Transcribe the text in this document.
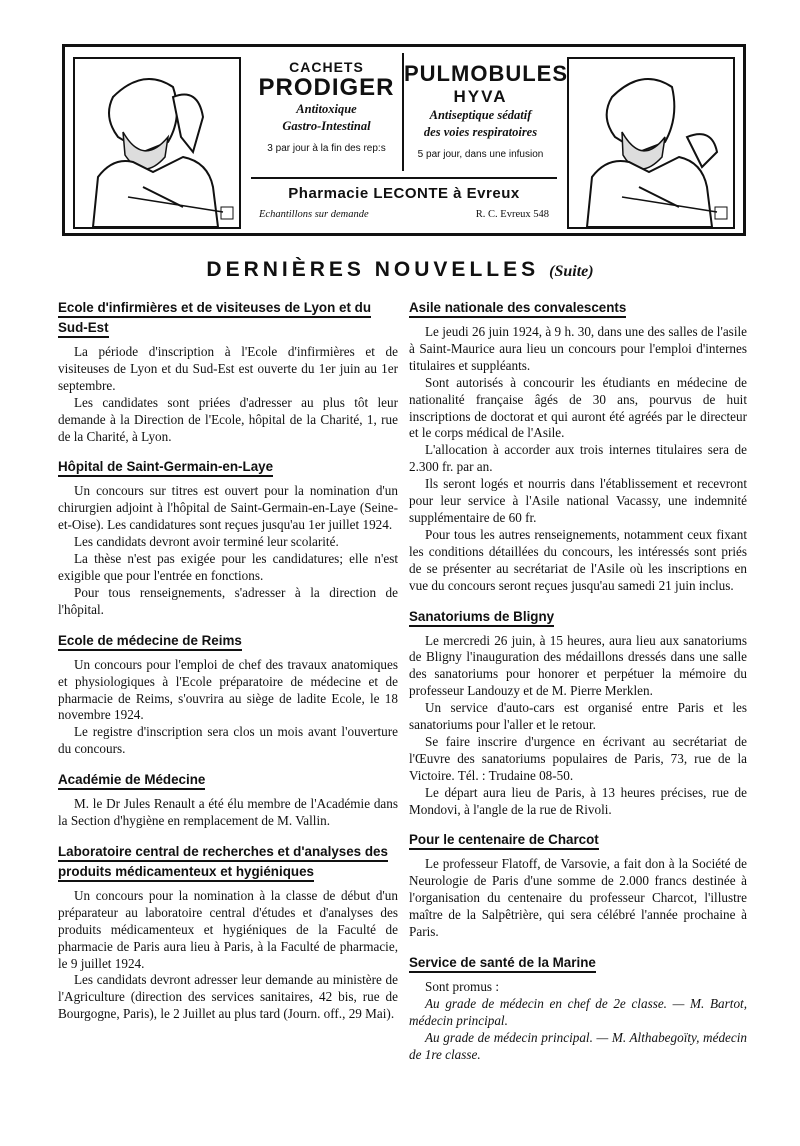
CACHETS
PRODIGER
Antitoxique
Gastro-Intestinal
3 par jour à la fin des rep:s
PULMOBULES
HYVA
Antiseptique sédatif
des voies respiratoires
5 par jour, dans une infusion
Pharmacie LECONTE à Evreux
Echantillons sur demande	R. C. Evreux 548
DERNIÈRES NOUVELLES (Suite)
Ecole d'infirmières et de visiteuses de Lyon et du Sud-Est

La période d'inscription à l'Ecole d'infirmières et de visiteuses de Lyon et du Sud-Est est ouverte du 1er juin au 1er septembre.

Les candidates sont priées d'adresser au plus tôt leur demande à la Direction de l'Ecole, hôpital de la Charité, 1, rue de la Charité, à Lyon.

Hôpital de Saint-Germain-en-Laye

Un concours sur titres est ouvert pour la nomination d'un chirurgien adjoint à l'hôpital de Saint-Germain-en-Laye (Seine-et-Oise). Les candidatures sont reçues jusqu'au 1er juillet 1924.

Les candidats devront avoir terminé leur scolarité.

La thèse n'est pas exigée pour les candidatures; elle n'est exigible que pour l'entrée en fonctions.

Pour tous renseignements, s'adresser à la direction de l'hôpital.

Ecole de médecine de Reims

Un concours pour l'emploi de chef des travaux anatomiques et physiologiques à l'Ecole préparatoire de médecine et de pharmacie de Reims, s'ouvrira au siège de ladite Ecole, le 18 novembre 1924.

Le registre d'inscription sera clos un mois avant l'ouverture du concours.

Académie de Médecine

M. le Dr Jules Renault a été élu membre de l'Académie dans la Section d'hygiène en remplacement de M. Vallin.

Laboratoire central de recherches et d'analyses des produits médicamenteux et hygiéniques

Un concours pour la nomination à la classe de début d'un préparateur au laboratoire central d'études et d'analyses des produits médicamenteux et hygiéniques de la Faculté de pharmacie de Paris aura lieu à Paris, à la Faculté de pharmacie, le 9 juillet 1924.

Les candidats devront adresser leur demande au ministère de l'Agriculture (direction des services sanitaires, 42 bis, rue de Bourgogne, Paris), le 2 Juillet au plus tard (Journ. off., 29 Mai).

Asile nationale des convalescents

Le jeudi 26 juin 1924, à 9 h. 30, dans une des salles de l'asile à Saint-Maurice aura lieu un concours pour l'emploi d'internes titulaires et suppléants.

Sont autorisés à concourir les étudiants en médecine de nationalité française âgés de 30 ans, pourvus de huit inscriptions de doctorat et qui auront été agréés par le directeur et le corps médical de l'Asile.

L'allocation à accorder aux trois internes titulaires sera de 2.300 fr. par an.

Ils seront logés et nourris dans l'établissement et recevront pour leur service à l'Asile national Vacassy, une indemnité supplémentaire de 60 fr.

Pour tous les autres renseignements, notamment ceux fixant les conditions détaillées du concours, les intéressés sont priés de se présenter au secrétariat de l'Asile où les inscriptions en vue du concours seront reçues jusqu'au samedi 21 juin inclus.

Sanatoriums de Bligny

Le mercredi 26 juin, à 15 heures, aura lieu aux sanatoriums de Bligny l'inauguration des médaillons dressés dans une salle des sanatoriums pour honorer et perpétuer la mémoire du professeur Landouzy et de M. Pierre Merklen.

Un service d'auto-cars est organisé entre Paris et les sanatoriums pour l'aller et le retour.

Se faire inscrire d'urgence en écrivant au secrétariat de l'Œuvre des sanatoriums populaires de Paris, 73, rue de la Victoire. Tél. : Trudaine 08-50.

Le départ aura lieu de Paris, à 13 heures précises, rue de Mondovi, à l'angle de la rue de Rivoli.

Pour le centenaire de Charcot

Le professeur Flatoff, de Varsovie, a fait don à la Société de Neurologie de Paris d'une somme de 2.000 francs destinée à l'organisation du centenaire du professeur Charcot, l'illustre maître de la Salpêtrière, qui sera célébré l'année prochaine à Paris.

Service de santé de la Marine

Sont promus :

Au grade de médecin en chef de 2e classe. — M. Bartot, médecin principal.

Au grade de médecin principal. — M. Althabegoïty, médecin de 1re classe.
